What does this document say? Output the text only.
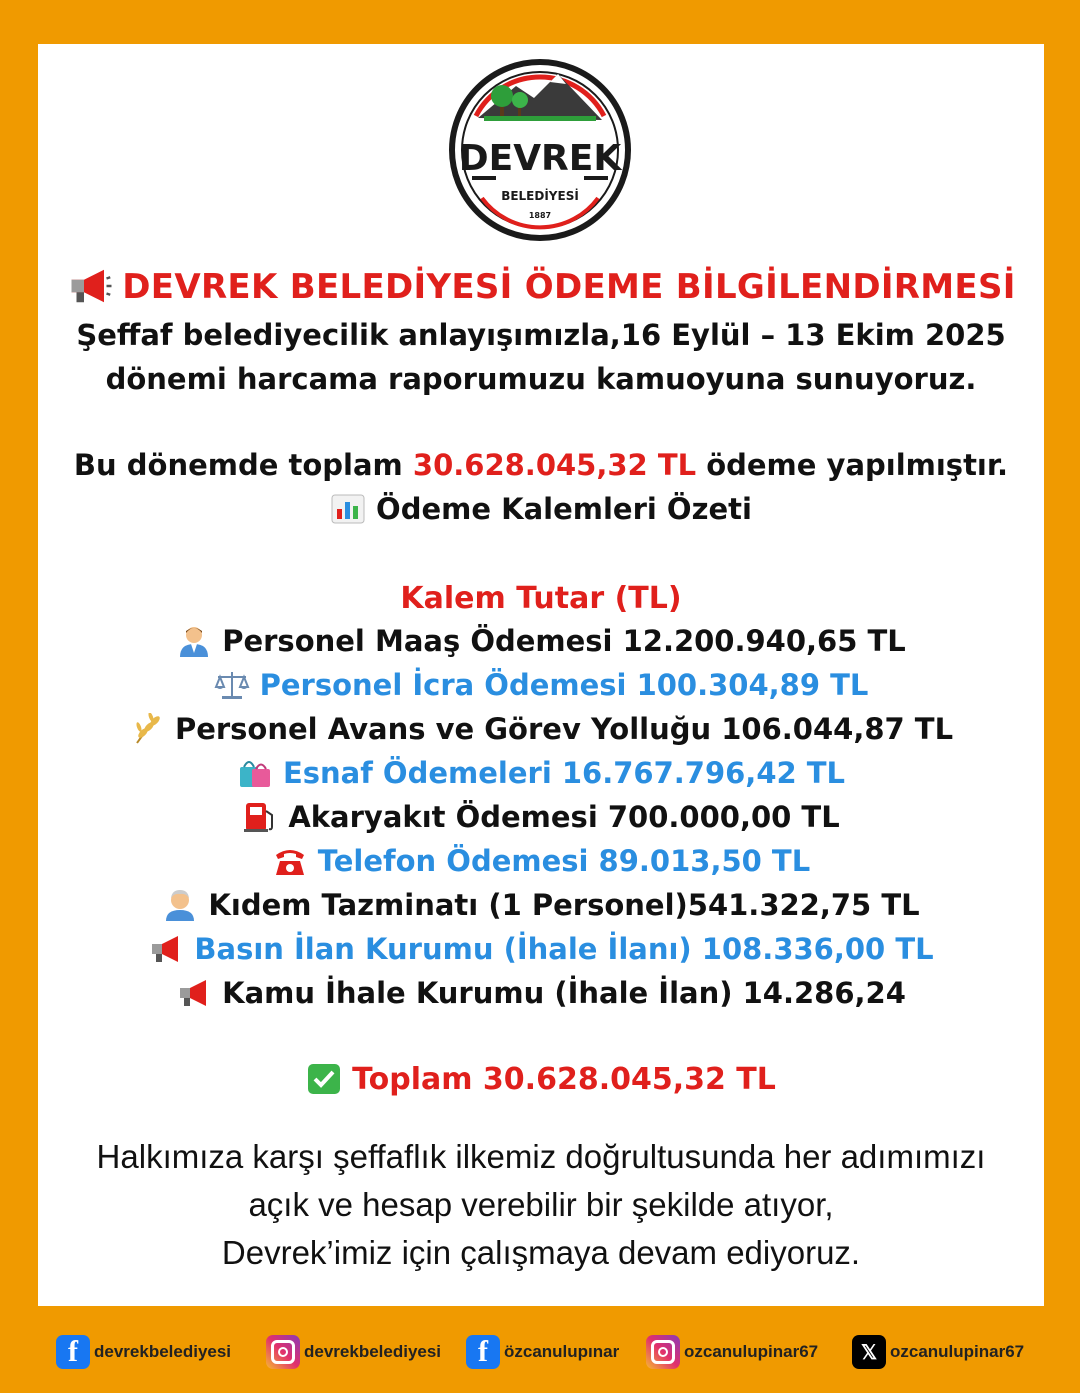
DEVREK
BELEDİYESİ
1887
DEVREK BELEDİYESİ ÖDEME BİLGİLENDİRMESİ
Şeffaf belediyecilik anlayışımızla,16 Eylül – 13 Ekim 2025
dönemi harcama raporumuzu kamuoyuna sunuyoruz.
Bu dönemde toplam 30.628.045,32 TL ödeme yapılmıştır.
Ödeme Kalemleri Özeti
Kalem Tutar (TL)
Personel Maaş Ödemesi 12.200.940,65 TL
Personel İcra Ödemesi 100.304,89 TL
Personel Avans ve Görev Yolluğu 106.044,87 TL
Esnaf Ödemeleri 16.767.796,42 TL
Akaryakıt Ödemesi 700.000,00 TL
Telefon Ödemesi 89.013,50 TL
Kıdem Tazminatı (1 Personel)541.322,75 TL
Basın İlan Kurumu (İhale İlanı) 108.336,00 TL
Kamu İhale Kurumu (İhale İlan) 14.286,24
Toplam 30.628.045,32 TL
Halkımıza karşı şeffaflık ilkemiz doğrultusunda her adımımızı
açık ve hesap verebilir bir şekilde atıyor,
Devrek’imiz için çalışmaya devam ediyoruz.
f devrekbelediyesi	devrekbelediyesi	f özcanulupınar	ozcanulupinar67	𝕏 ozcanulupinar67
